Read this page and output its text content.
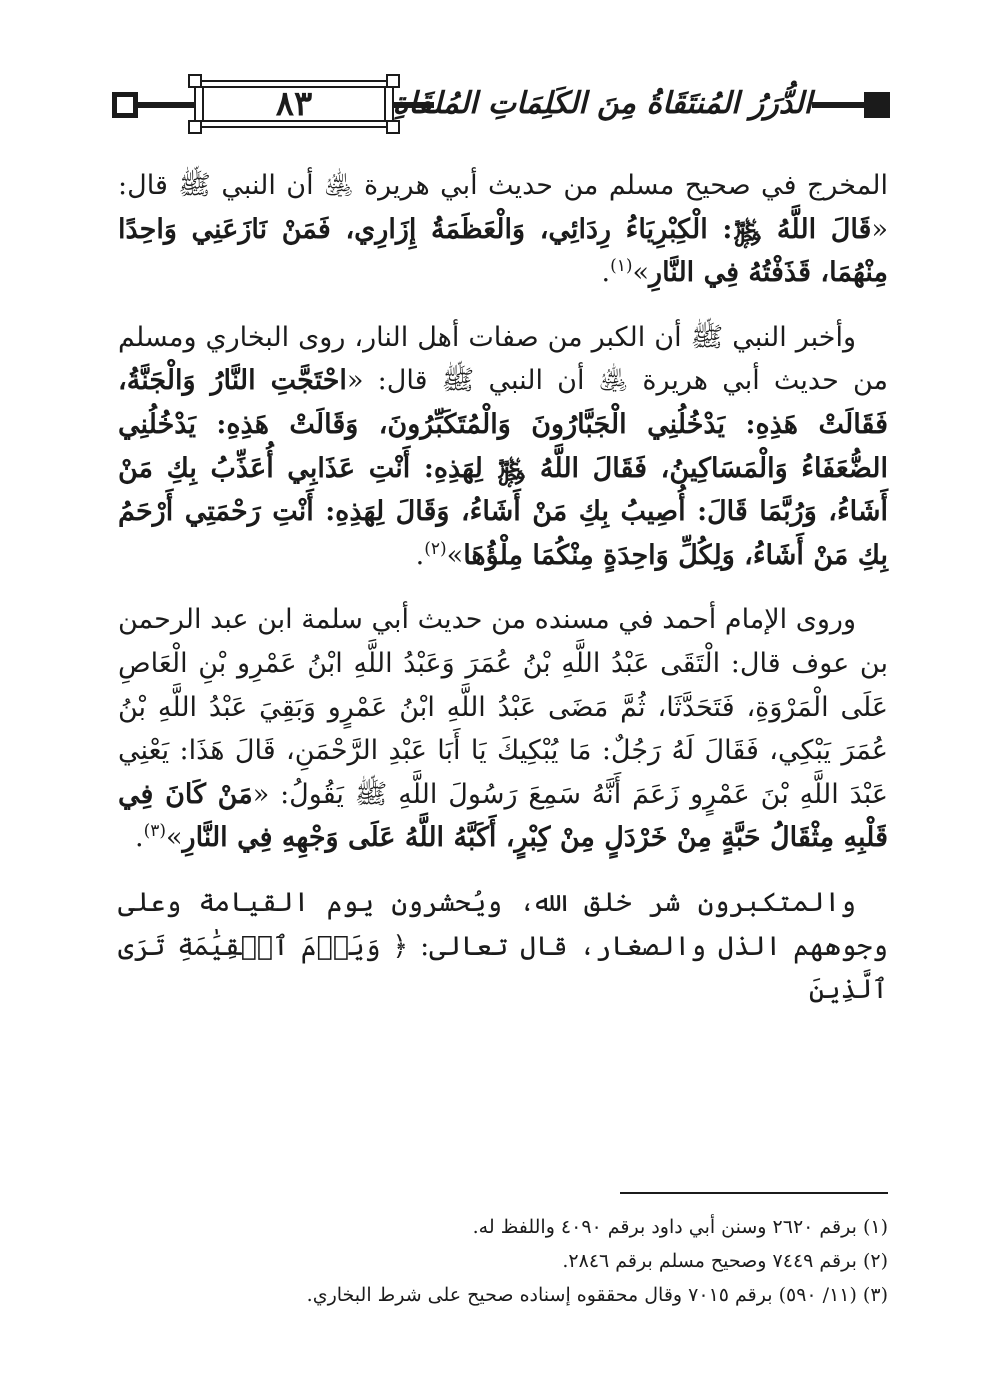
٨٣	الدُّرَرُ المُنتَقَاةُ مِنَ الكَلِمَاتِ المُلقَاةِ

المخرج في صحيح مسلم من حديث أبي هريرة ﵁ أن النبي ﷺ قال: «قَالَ اللَّهُ ﷿: الْكِبْرِيَاءُ رِدَائِي، وَالْعَظَمَةُ إِزَارِي، فَمَنْ نَازَعَنِي وَاحِدًا مِنْهُمَا، قَذَفْتُهُ فِي النَّارِ»$^{(١)}$.

وأخبر النبي ﷺ أن الكبر من صفات أهل النار، روى البخاري ومسلم من حديث أبي هريرة ﵁ أن النبي ﷺ قال: «احْتَجَّتِ النَّارُ وَالْجَنَّةُ، فَقَالَتْ هَذِهِ: يَدْخُلُنِي الْجَبَّارُونَ وَالْمُتَكَبِّرُونَ، وَقَالَتْ هَذِهِ: يَدْخُلُنِي الضُّعَفَاءُ وَالْمَسَاكِينُ، فَقَالَ اللَّهُ ﷿ لِهَذِهِ: أَنْتِ عَذَابِي أُعَذِّبُ بِكِ مَنْ أَشَاءُ، وَرُبَّمَا قَالَ: أُصِيبُ بِكِ مَنْ أَشَاءُ، وَقَالَ لِهَذِهِ: أَنْتِ رَحْمَتِي أَرْحَمُ بِكِ مَنْ أَشَاءُ، وَلِكُلِّ وَاحِدَةٍ مِنْكُمَا مِلْؤُهَا»$^{(٢)}$.

وروى الإمام أحمد في مسنده من حديث أبي سلمة ابن عبد الرحمن بن عوف قال: الْتَقَى عَبْدُ اللَّهِ بْنُ عُمَرَ وَعَبْدُ اللَّهِ ابْنُ عَمْرِو بْنِ الْعَاصِ عَلَى الْمَرْوَةِ، فَتَحَدَّثَا، ثُمَّ مَضَى عَبْدُ اللَّهِ ابْنُ عَمْرٍو وَبَقِيَ عَبْدُ اللَّهِ بْنُ عُمَرَ يَبْكِي، فَقَالَ لَهُ رَجُلٌ: مَا يُبْكِيكَ يَا أَبَا عَبْدِ الرَّحْمَنِ، قَالَ هَذَا: يَعْنِي عَبْدَ اللَّهِ بْنَ عَمْرٍو زَعَمَ أَنَّهُ سَمِعَ رَسُولَ اللَّهِ ﷺ يَقُولُ: «مَنْ كَانَ فِي قَلْبِهِ مِثْقَالُ حَبَّةٍ مِنْ خَرْدَلٍ مِنْ كِبْرٍ، أَكَبَّهُ اللَّهُ عَلَى وَجْهِهِ فِي النَّارِ»$^{(٣)}$.

والمتكبرون شر خلق الله، ويُحشرون يوم القيامة وعلى وجوههم الذل والصغار، قال تعالى: ﴿ وَيَوۡمَ ٱلۡقِيَٰمَةِ تَرَى ٱلَّذِينَ

(١) برقم ٢٦٢٠ وسنن أبي داود برقم ٤٠٩٠ واللفظ له.

(٢) برقم ٧٤٤٩ وصحيح مسلم برقم ٢٨٤٦.

(٣) (١١/ ٥٩٠) برقم ٧٠١٥ وقال محققوه إسناده صحيح على شرط البخاري.
